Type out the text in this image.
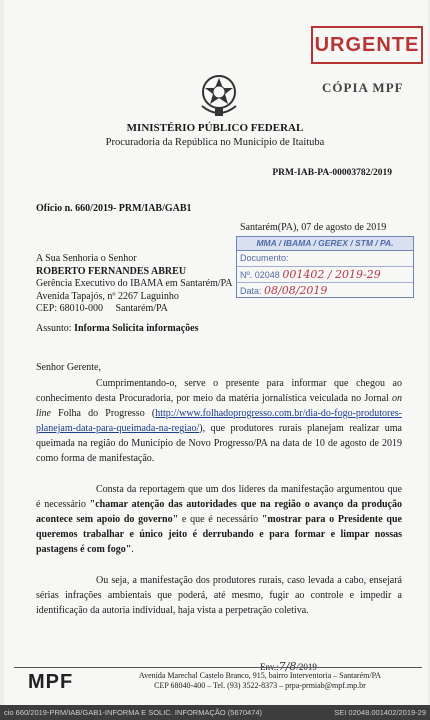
URGENTE
CÓPIA MPF
MINISTÉRIO PÚBLICO FEDERAL
Procuradoria da República no Município de Itaituba
PRM-IAB-PA-00003782/2019
Ofício n. 660/2019- PRM/IAB/GAB1
Santarém(PA), 07 de agosto de 2019
MMA / IBAMA / GEREX / STM / PA.
Documento:
Nº. 02048 001402 / 2019-29
Data: 08/08/2019
A Sua Senhoria o Senhor
ROBERTO FERNANDES ABREU
Gerência Executivo do IBAMA em Santarém/PA
Avenida Tapajós, nº 2267 Laguinho
CEP: 68010-000 Santarém/PA
Assunto: Informa Solicita informações
Senhor Gerente,
Cumprimentando-o, serve o presente para informar que chegou ao conhecimento desta Procuradoria, por meio da matéria jornalística veiculada no Jornal on line Folha do Progresso (http://www.folhadoprogresso.com.br/dia-do-fogo-produtores-planejam-data-para-queimada-na-regiao/), que produtores rurais planejam realizar uma queimada na região do Município de Novo Progresso/PA na data de 10 de agosto de 2019 como forma de manifestação.
Consta da reportagem que um dos líderes da manifestação argumentou que é necessário "chamar atenção das autoridades que na região o avanço da produção acontece sem apoio do governo" e que é necessário "mostrar para o Presidente que queremos trabalhar e único jeito é derrubando e para formar e limpar nossas pastagens é com fogo".
Ou seja, a manifestação dos produtores rurais, caso levada a cabo, ensejará sérias infrações ambientais que poderá, até mesmo, fugir ao controle e impedir a identificação da autoria individual, haja vista a perpetração coletiva.
Env.:7/8/2019
MPF	Avenida Marechal Castelo Branco, 915, bairro Interventoria – Santarém/PA
CEP 68040-400 – Tel. (93) 3522-8373 – prpa-prmiab@mpf.mp.br
cio 660/2019-PRM/IAB/GAB1-INFORMA E SOLIC. INFORMAÇÃO (5670474)	SEI 02048.001402/2019-29
